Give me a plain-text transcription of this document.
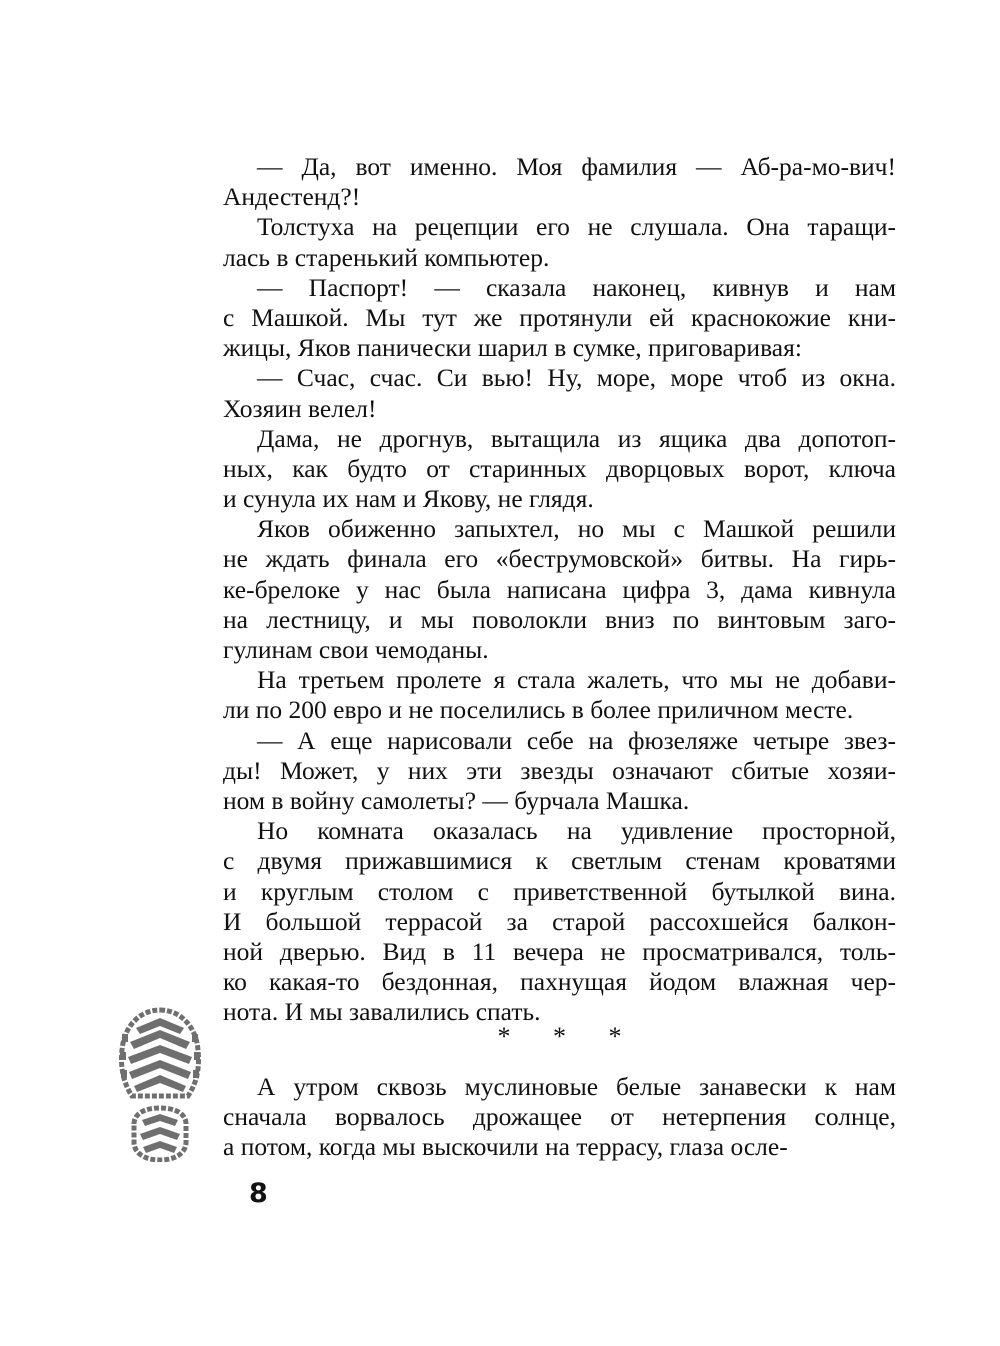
— Да, вот именно. Моя фамилия — Аб-ра-мо-вич!
Андестенд?!
Толстуха на рецепции его не слушала. Она таращи-
лась в старенький компьютер.
— Паспорт! — сказала наконец, кивнув и нам
с Машкой. Мы тут же протянули ей краснокожие кни-
жицы, Яков панически шарил в сумке, приговаривая:
— Счас, счас. Си вью! Ну, море, море чтоб из окна.
Хозяин велел!
Дама, не дрогнув, вытащила из ящика два допотоп-
ных, как будто от старинных дворцовых ворот, ключа
и сунула их нам и Якову, не глядя.
Яков обиженно запыхтел, но мы с Машкой решили
не ждать финала его «беструмовской» битвы. На гирь-
ке-брелоке у нас была написана цифра 3, дама кивнула
на лестницу, и мы поволокли вниз по винтовым заго-
гулинам свои чемоданы.
На третьем пролете я стала жалеть, что мы не добави-
ли по 200 евро и не поселились в более приличном месте.
— А еще нарисовали себе на фюзеляже четыре звез-
ды! Может, у них эти звезды означают сбитые хозяи-
ном в войну самолеты? — бурчала Машка.
Но комната оказалась на удивление просторной,
с двумя прижавшимися к светлым стенам кроватями
и круглым столом с приветственной бутылкой вина.
И большой террасой за старой рассохшейся балкон-
ной дверью. Вид в 11 вечера не просматривался, толь-
ко какая-то бездонная, пахнущая йодом влажная чер-
нота. И мы завалились спать.
* * *
А утром сквозь муслиновые белые занавески к нам
сначала ворвалось дрожащее от нетерпения солнце,
а потом, когда мы выскочили на террасу, глаза осле-
8
